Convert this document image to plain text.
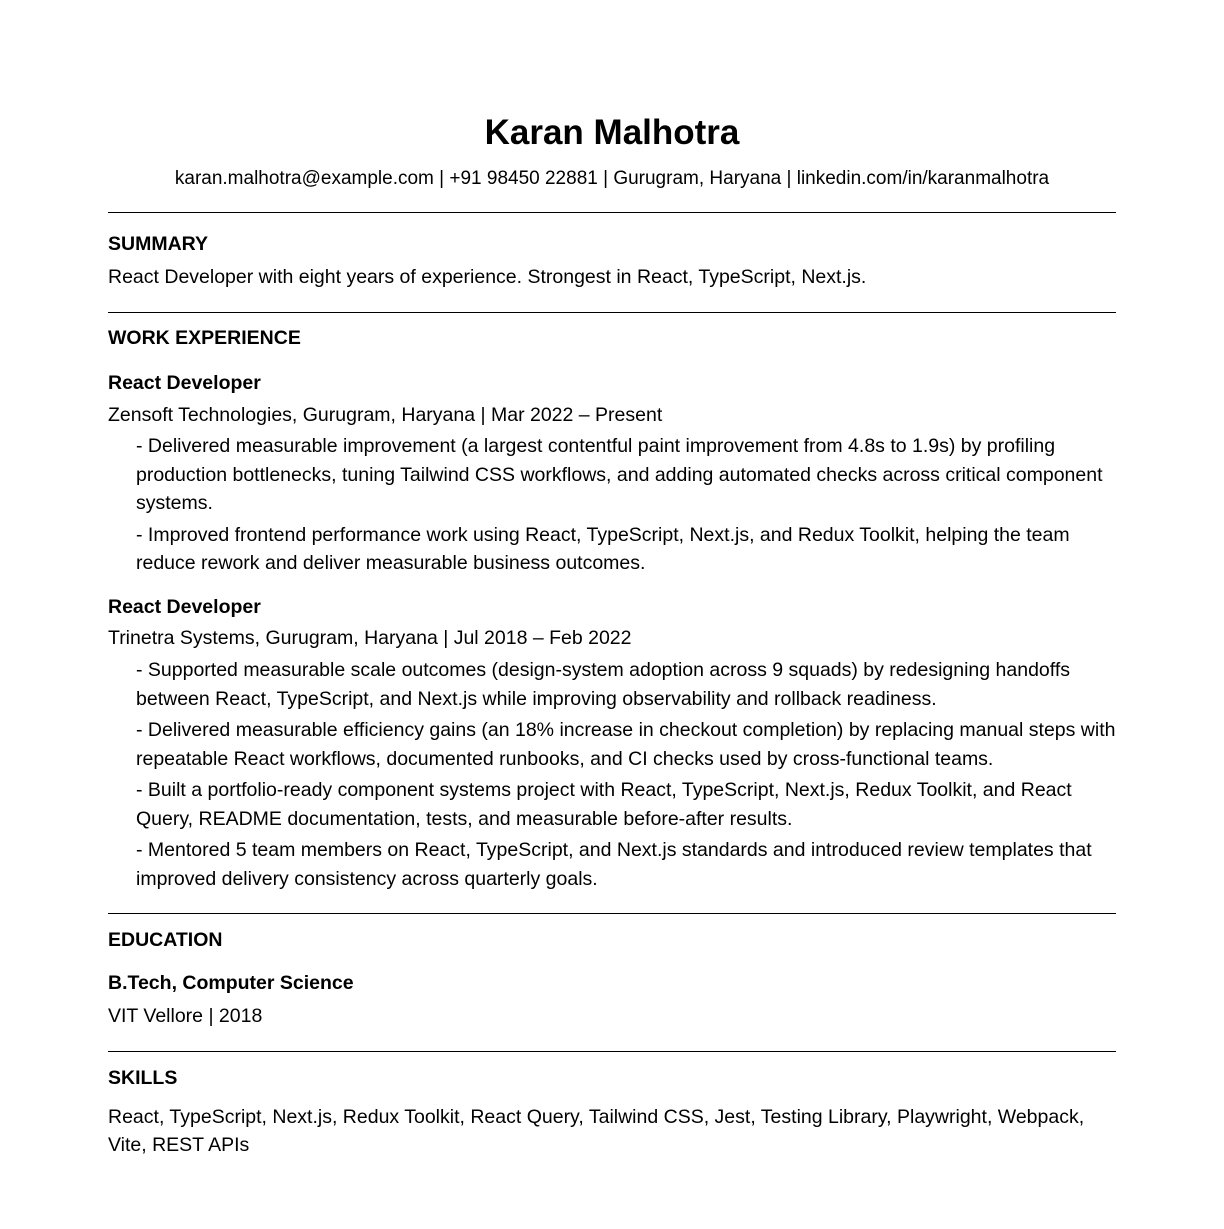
Karan Malhotra

karan.malhotra@example.com | +91 98450 22881 | Gurugram, Haryana | linkedin.com/in/karanmalhotra

SUMMARY

React Developer with eight years of experience. Strongest in React, TypeScript, Next.js.

WORK EXPERIENCE
React Developer

Zensoft Technologies, Gurugram, Haryana | Mar 2022 – Present

- Delivered measurable improvement (a largest contentful paint improvement from 4.8s to 1.9s) by profiling production bottlenecks, tuning Tailwind CSS workflows, and adding automated checks across critical component systems.
- Improved frontend performance work using React, TypeScript, Next.js, and Redux Toolkit, helping the team reduce rework and deliver measurable business outcomes.
React Developer

Trinetra Systems, Gurugram, Haryana | Jul 2018 – Feb 2022

- Supported measurable scale outcomes (design-system adoption across 9 squads) by redesigning handoffs between React, TypeScript, and Next.js while improving observability and rollback readiness.
- Delivered measurable efficiency gains (an 18% increase in checkout completion) by replacing manual steps with repeatable React workflows, documented runbooks, and CI checks used by cross-functional teams.
- Built a portfolio-ready component systems project with React, TypeScript, Next.js, Redux Toolkit, and React Query, README documentation, tests, and measurable before-after results.
- Mentored 5 team members on React, TypeScript, and Next.js standards and introduced review templates that improved delivery consistency across quarterly goals.
EDUCATION
B.Tech, Computer Science

VIT Vellore | 2018

SKILLS

React, TypeScript, Next.js, Redux Toolkit, React Query, Tailwind CSS, Jest, Testing Library, Playwright, Webpack, Vite, REST APIs
